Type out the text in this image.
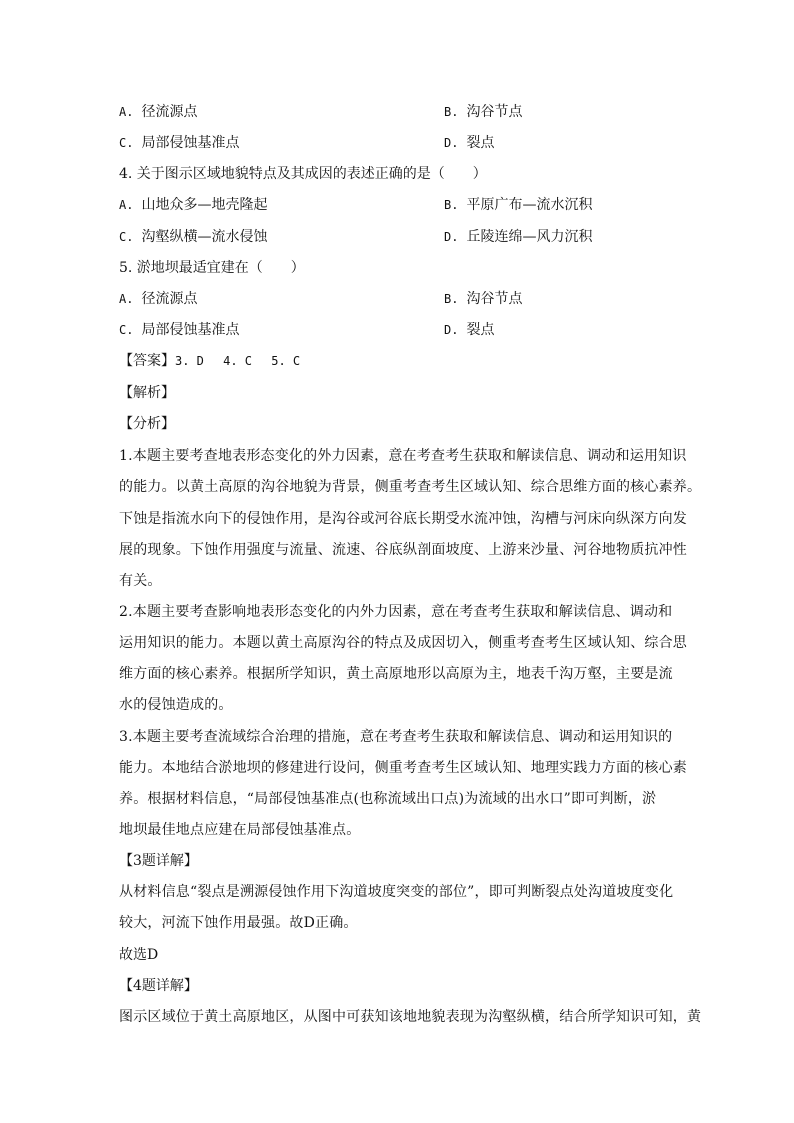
A. 径流源点	B. 沟谷节点
C. 局部侵蚀基准点	D. 裂点
4. 关于图示区域地貌特点及其成因的表述正确的是（　　）
A. 山地众多—地壳隆起	B. 平原广布—流水沉积
C. 沟壑纵横—流水侵蚀	D. 丘陵连绵—风力沉积
5. 淤地坝最适宜建在（　　）
A. 径流源点	B. 沟谷节点
C. 局部侵蚀基准点	D. 裂点
【答案】3. D　 4. C　 5. C
【解析】
【分析】
1.本题主要考查地表形态变化的外力因素，意在考查考生获取和解读信息、调动和运用知识
的能力。以黄土高原的沟谷地貌为背景，侧重考查考生区域认知、综合思维方面的核心素养。
下蚀是指流水向下的侵蚀作用，是沟谷或河谷底长期受水流冲蚀，沟槽与河床向纵深方向发
展的现象。下蚀作用强度与流量、流速、谷底纵剖面坡度、上游来沙量、河谷地物质抗冲性
有关。
2.本题主要考查影响地表形态变化的内外力因素，意在考查考生获取和解读信息、调动和
运用知识的能力。本题以黄土高原沟谷的特点及成因切入，侧重考查考生区域认知、综合思
维方面的核心素养。根据所学知识，黄土高原地形以高原为主，地表千沟万壑，主要是流
水的侵蚀造成的。
3.本题主要考查流域综合治理的措施，意在考查考生获取和解读信息、调动和运用知识的
能力。本地结合淤地坝的修建进行设问，侧重考查考生区域认知、地理实践力方面的核心素
养。根据材料信息，“局部侵蚀基准点(也称流域出口点)为流域的出水口”即可判断，淤
地坝最佳地点应建在局部侵蚀基准点。
【3题详解】
从材料信息“裂点是溯源侵蚀作用下沟道坡度突变的部位”，即可判断裂点处沟道坡度变化
较大，河流下蚀作用最强。故D正确。
故选D
【4题详解】
图示区域位于黄土高原地区，从图中可获知该地地貌表现为沟壑纵横，结合所学知识可知，黄
